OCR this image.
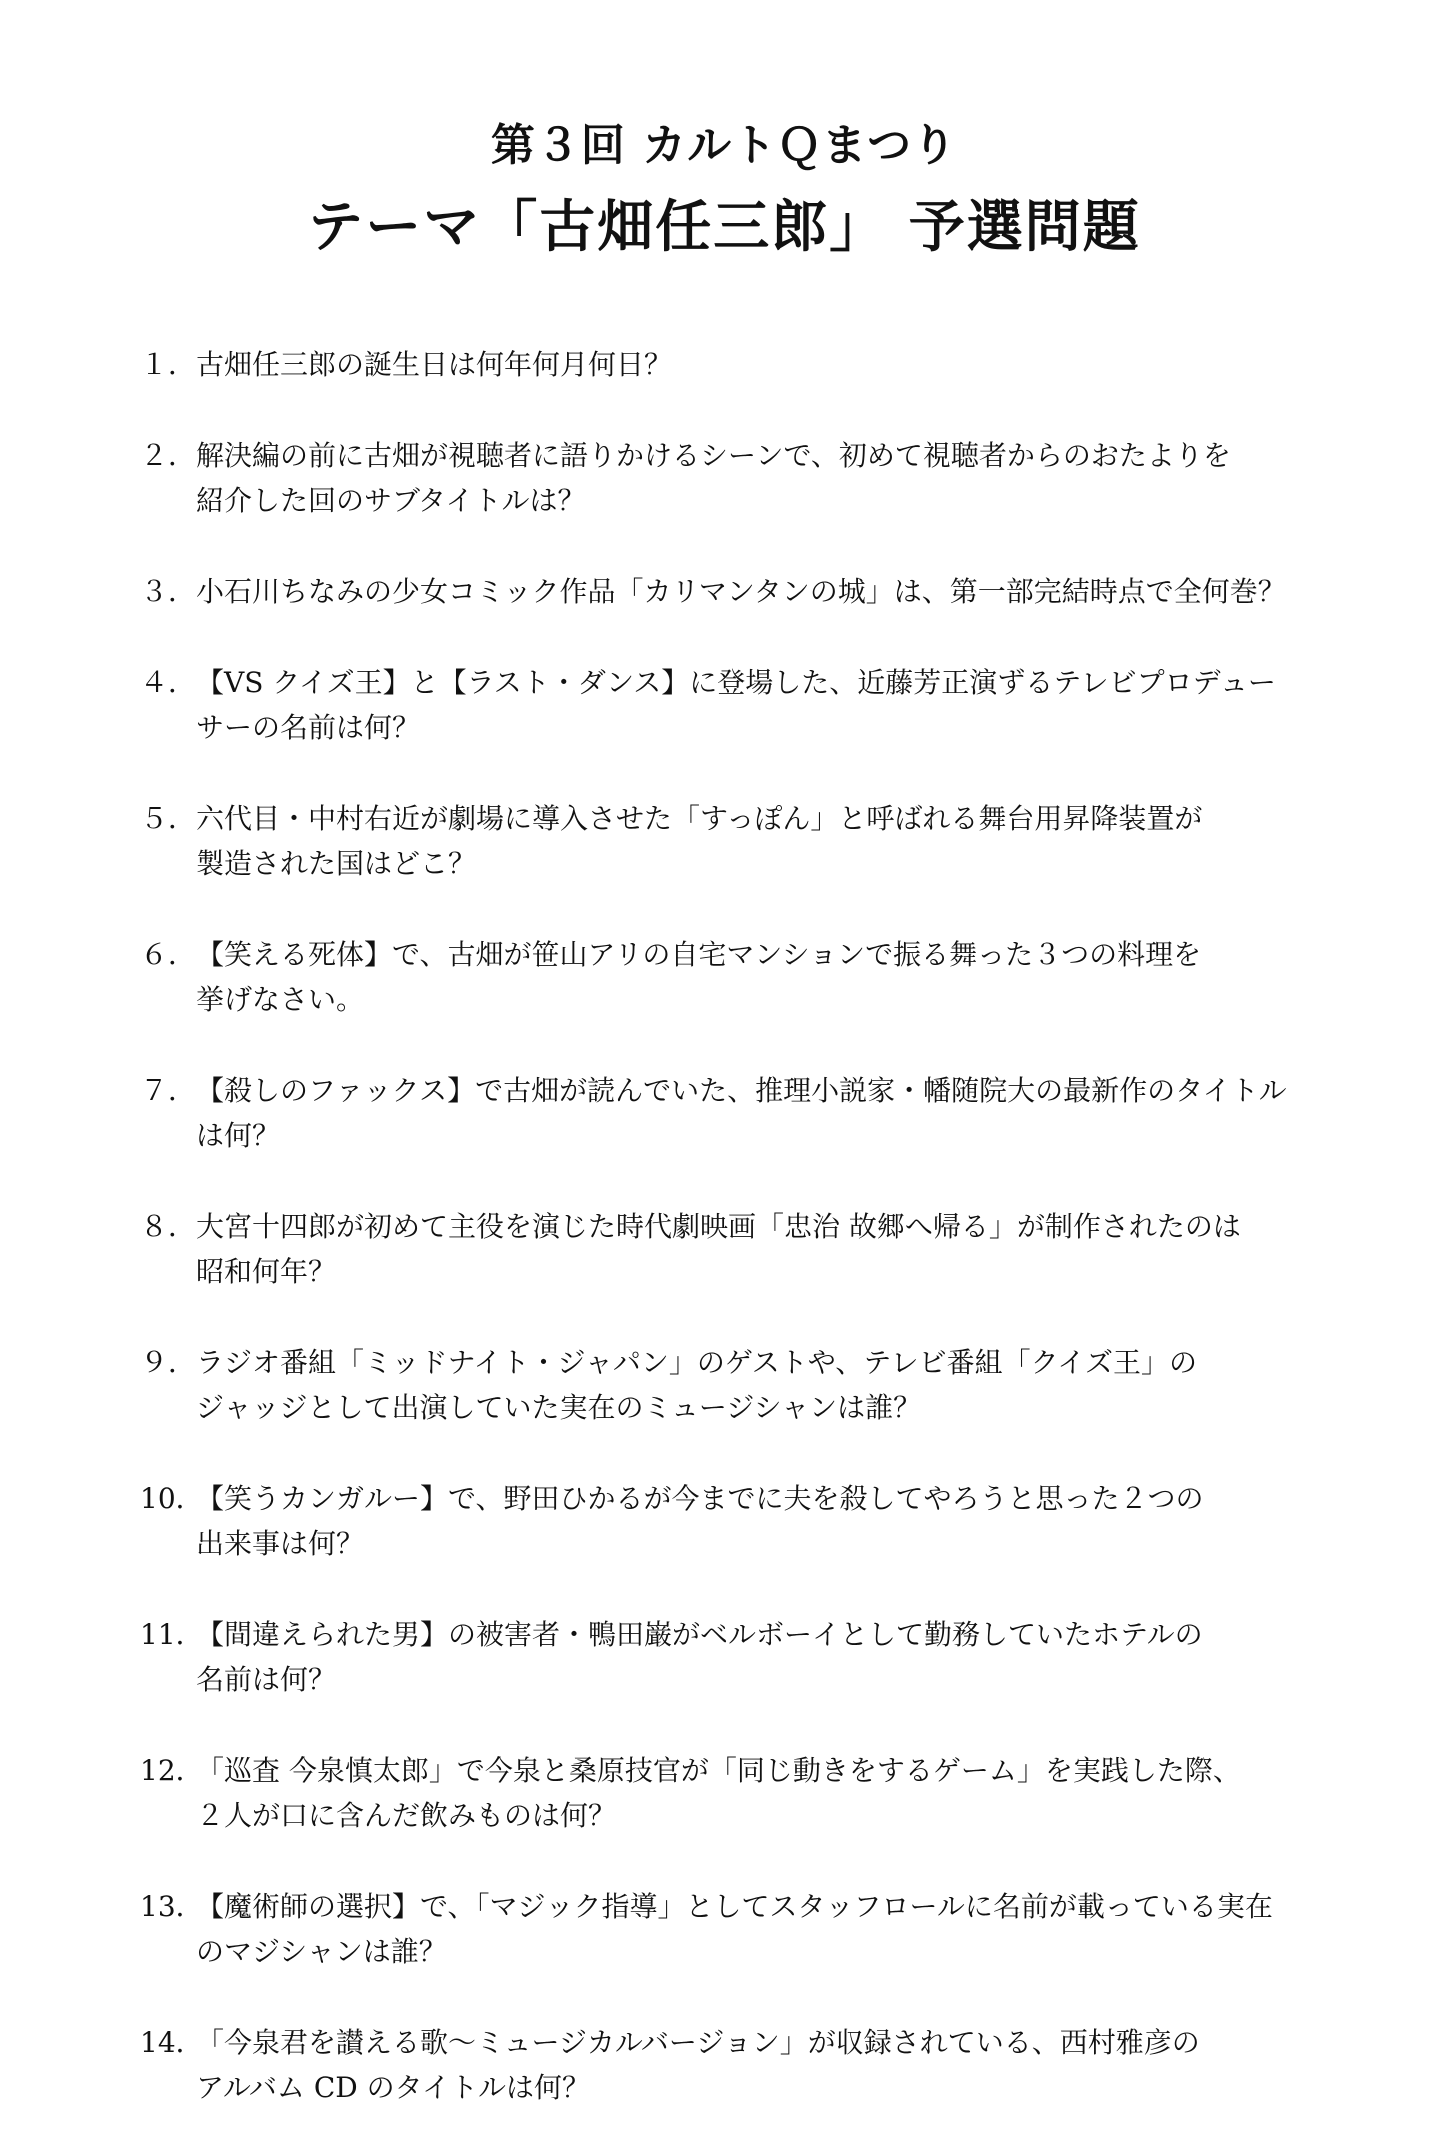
第３回 カルトＱまつり
テーマ「古畑任三郎」 予選問題
１． 古畑任三郎の誕生日は何年何月何日？
２． 解決編の前に古畑が視聴者に語りかけるシーンで、初めて視聴者からのおたよりを
紹介した回のサブタイトルは？
３． 小石川ちなみの少女コミック作品「カリマンタンの城」は、第一部完結時点で全何巻？
４． 【VS クイズ王】と【ラスト・ダンス】に登場した、近藤芳正演ずるテレビプロデュー
サーの名前は何？
５． 六代目・中村右近が劇場に導入させた「すっぽん」と呼ばれる舞台用昇降装置が
製造された国はどこ？
６． 【笑える死体】で、古畑が笹山アリの自宅マンションで振る舞った３つの料理を
挙げなさい。
７． 【殺しのファックス】で古畑が読んでいた、推理小説家・幡随院大の最新作のタイトル
は何？
８． 大宮十四郎が初めて主役を演じた時代劇映画「忠治 故郷へ帰る」が制作されたのは
昭和何年？
９． ラジオ番組「ミッドナイト・ジャパン」のゲストや、テレビ番組「クイズ王」の
ジャッジとして出演していた実在のミュージシャンは誰？
10．
【笑うカンガルー】で、野田ひかるが今までに夫を殺してやろうと思った２つの
出来事は何？
11．
【間違えられた男】の被害者・鴨田巌がベルボーイとして勤務していたホテルの
名前は何？
12．
「巡査 今泉慎太郎」で今泉と桑原技官が「同じ動きをするゲーム」を実践した際、
２人が口に含んだ飲みものは何？
13．
【魔術師の選択】で、「マジック指導」としてスタッフロールに名前が載っている実在
のマジシャンは誰？
14．
「今泉君を讃える歌～ミュージカルバージョン」が収録されている、西村雅彦の
アルバム CD のタイトルは何？
